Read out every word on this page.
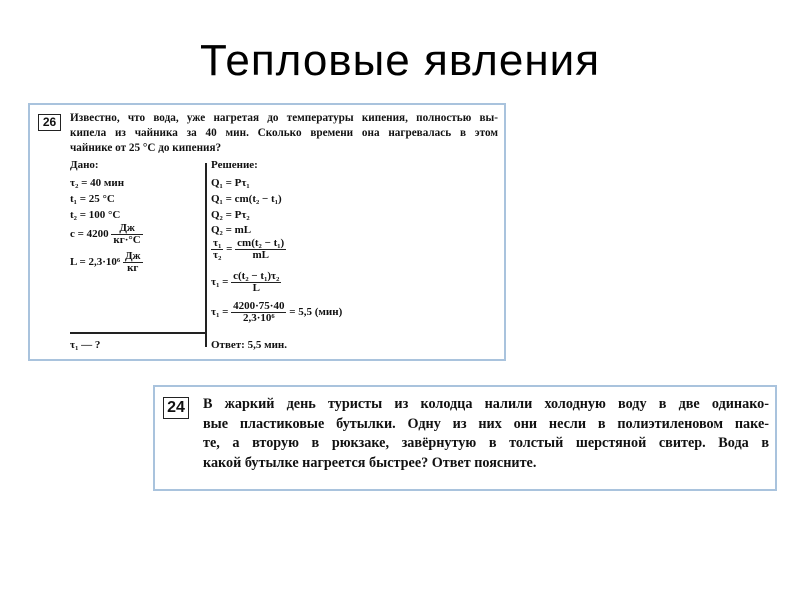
Тепловые явления
26	Известно, что вода, уже нагретая до температуры кипения, полностью вы-
кипела из чайника за 40 мин. Сколько времени она нагревалась в этом
чайнике от 25 °С до кипения?
Дано:	Решение:
τ₂ = 40 мин
t₁ = 25 °С
t₂ = 100 °С
$c = 4200 \frac{Дж}{кг\cdot^\circ С}$
$L = 2,3\cdot 10^6 \frac{Дж}{кг}$
τ₁ — ?
Q₁ = Pτ₁
Q₁ = cm(t₂ − t₁)
Q₂ = Pτ₂
Q₂ = mL
$\frac{\text{τ₁}}{\text{τ₂}} = \frac{\text{cm(t₂ − t₁)}}{mL}$
$\tau_1 = \frac{\text{c(t₂ − t₁)τ₂}}{L}$
$\tau_1 = \frac{4200\cdot 75\cdot 40}{\text{2,3·10⁶}} = 5,5$ (мин)
Ответ: 5,5 мин.
24 В жаркий день туристы из колодца налили холодную воду в две одинако-
вые пластиковые бутылки. Одну из них они несли в полиэтиленовом паке-
те, а вторую в рюкзаке, завёрнутую в толстый шерстяной свитер. Вода в
какой бутылке нагреется быстрее? Ответ поясните.
